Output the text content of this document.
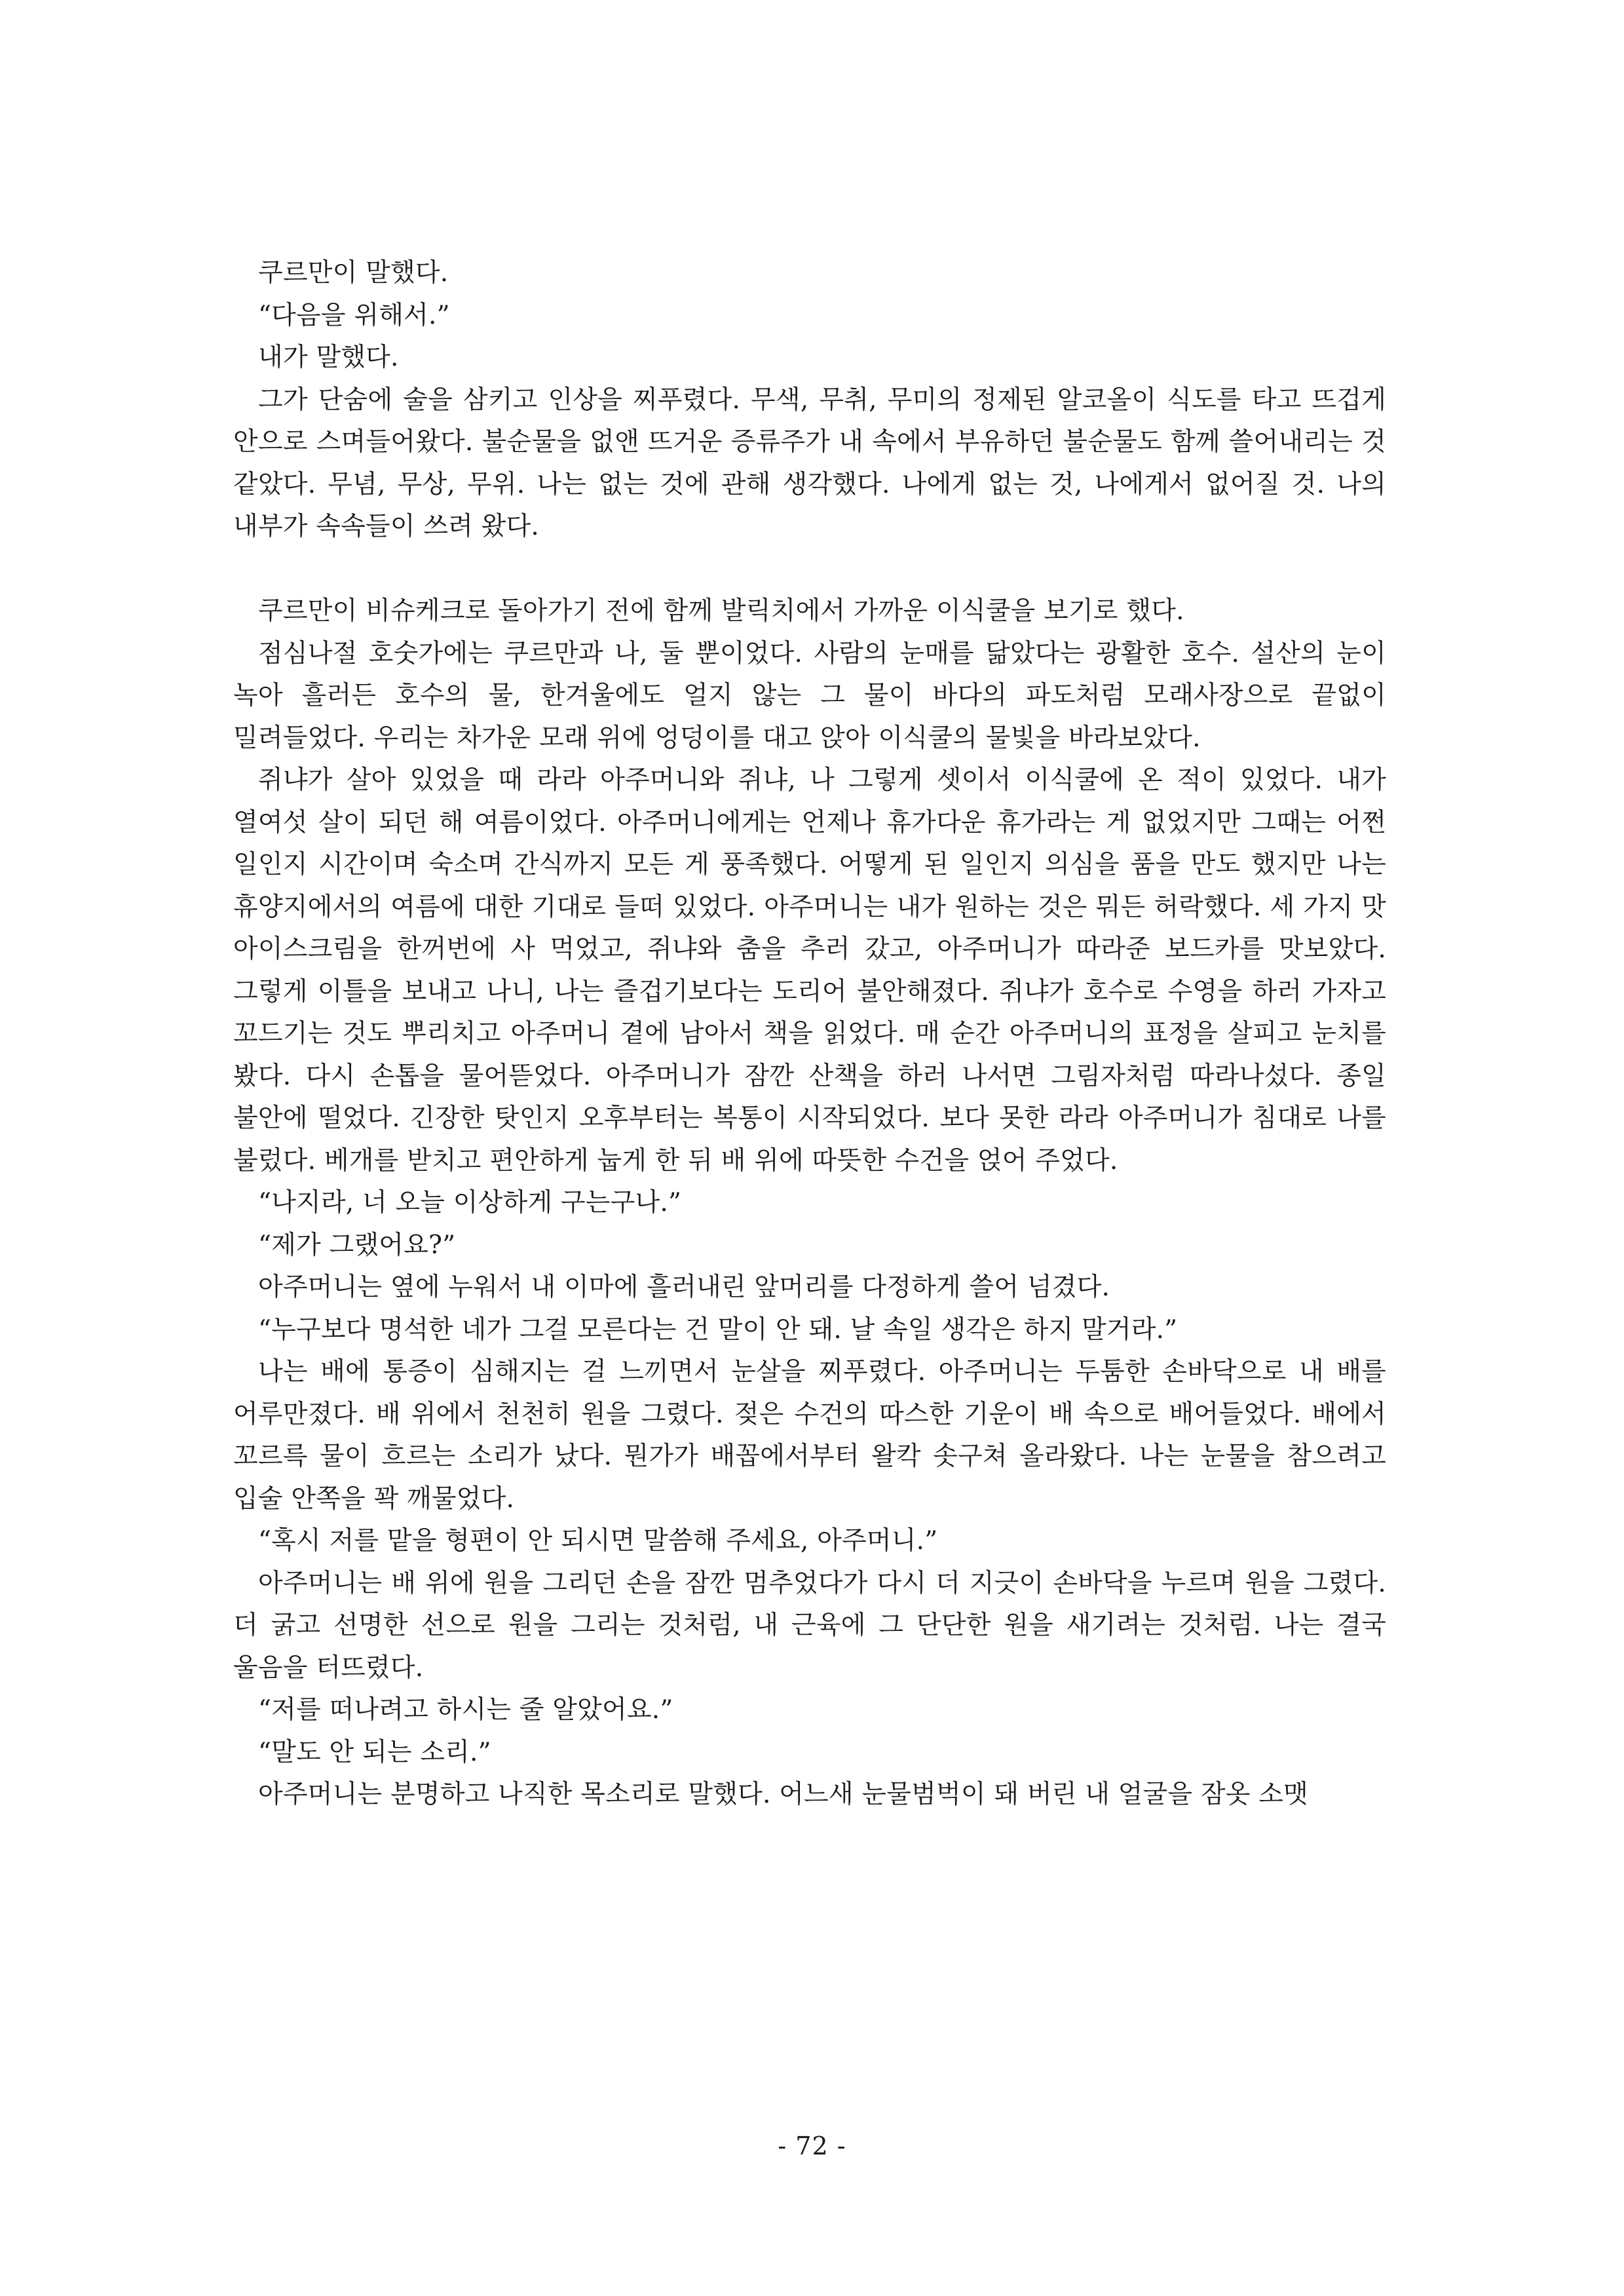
쿠르만이 말했다.

“다음을 위해서.”

내가 말했다.

그가 단숨에 술을 삼키고 인상을 찌푸렸다. 무색, 무취, 무미의 정제된 알코올이 식도를 타고 뜨겁게 안으로 스며들어왔다. 불순물을 없앤 뜨거운 증류주가 내 속에서 부유하던 불순물도 함께 쓸어내리는 것 같았다. 무념, 무상, 무위. 나는 없는 것에 관해 생각했다. 나에게 없는 것, 나에게서 없어질 것. 나의 내부가 속속들이 쓰려 왔다.

쿠르만이 비슈케크로 돌아가기 전에 함께 발릭치에서 가까운 이식쿨을 보기로 했다.

점심나절 호숫가에는 쿠르만과 나, 둘 뿐이었다. 사람의 눈매를 닮았다는 광활한 호수. 설산의 눈이 녹아 흘러든 호수의 물, 한겨울에도 얼지 않는 그 물이 바다의 파도처럼 모래사장으로 끝없이 밀려들었다. 우리는 차가운 모래 위에 엉덩이를 대고 앉아 이식쿨의 물빛을 바라보았다.

쥐냐가 살아 있었을 때 라라 아주머니와 쥐냐, 나 그렇게 셋이서 이식쿨에 온 적이 있었다. 내가 열여섯 살이 되던 해 여름이었다. 아주머니에게는 언제나 휴가다운 휴가라는 게 없었지만 그때는 어쩐 일인지 시간이며 숙소며 간식까지 모든 게 풍족했다. 어떻게 된 일인지 의심을 품을 만도 했지만 나는 휴양지에서의 여름에 대한 기대로 들떠 있었다. 아주머니는 내가 원하는 것은 뭐든 허락했다. 세 가지 맛 아이스크림을 한꺼번에 사 먹었고, 쥐냐와 춤을 추러 갔고, 아주머니가 따라준 보드카를 맛보았다. 그렇게 이틀을 보내고 나니, 나는 즐겁기보다는 도리어 불안해졌다. 쥐냐가 호수로 수영을 하러 가자고 꼬드기는 것도 뿌리치고 아주머니 곁에 남아서 책을 읽었다. 매 순간 아주머니의 표정을 살피고 눈치를 봤다. 다시 손톱을 물어뜯었다. 아주머니가 잠깐 산책을 하러 나서면 그림자처럼 따라나섰다. 종일 불안에 떨었다. 긴장한 탓인지 오후부터는 복통이 시작되었다. 보다 못한 라라 아주머니가 침대로 나를 불렀다. 베개를 받치고 편안하게 눕게 한 뒤 배 위에 따뜻한 수건을 얹어 주었다.

“나지라, 너 오늘 이상하게 구는구나.”

“제가 그랬어요?”

아주머니는 옆에 누워서 내 이마에 흘러내린 앞머리를 다정하게 쓸어 넘겼다.

“누구보다 명석한 네가 그걸 모른다는 건 말이 안 돼. 날 속일 생각은 하지 말거라.”

나는 배에 통증이 심해지는 걸 느끼면서 눈살을 찌푸렸다. 아주머니는 두툼한 손바닥으로 내 배를 어루만졌다. 배 위에서 천천히 원을 그렸다. 젖은 수건의 따스한 기운이 배 속으로 배어들었다. 배에서 꼬르륵 물이 흐르는 소리가 났다. 뭔가가 배꼽에서부터 왈칵 솟구쳐 올라왔다. 나는 눈물을 참으려고 입술 안쪽을 꽉 깨물었다.

“혹시 저를 맡을 형편이 안 되시면 말씀해 주세요, 아주머니.”

아주머니는 배 위에 원을 그리던 손을 잠깐 멈추었다가 다시 더 지긋이 손바닥을 누르며 원을 그렸다. 더 굵고 선명한 선으로 원을 그리는 것처럼, 내 근육에 그 단단한 원을 새기려는 것처럼. 나는 결국 울음을 터뜨렸다.

“저를 떠나려고 하시는 줄 알았어요.”

“말도 안 되는 소리.”

아주머니는 분명하고 나직한 목소리로 말했다. 어느새 눈물범벅이 돼 버린 내 얼굴을 잠옷 소맷

- 72 -
